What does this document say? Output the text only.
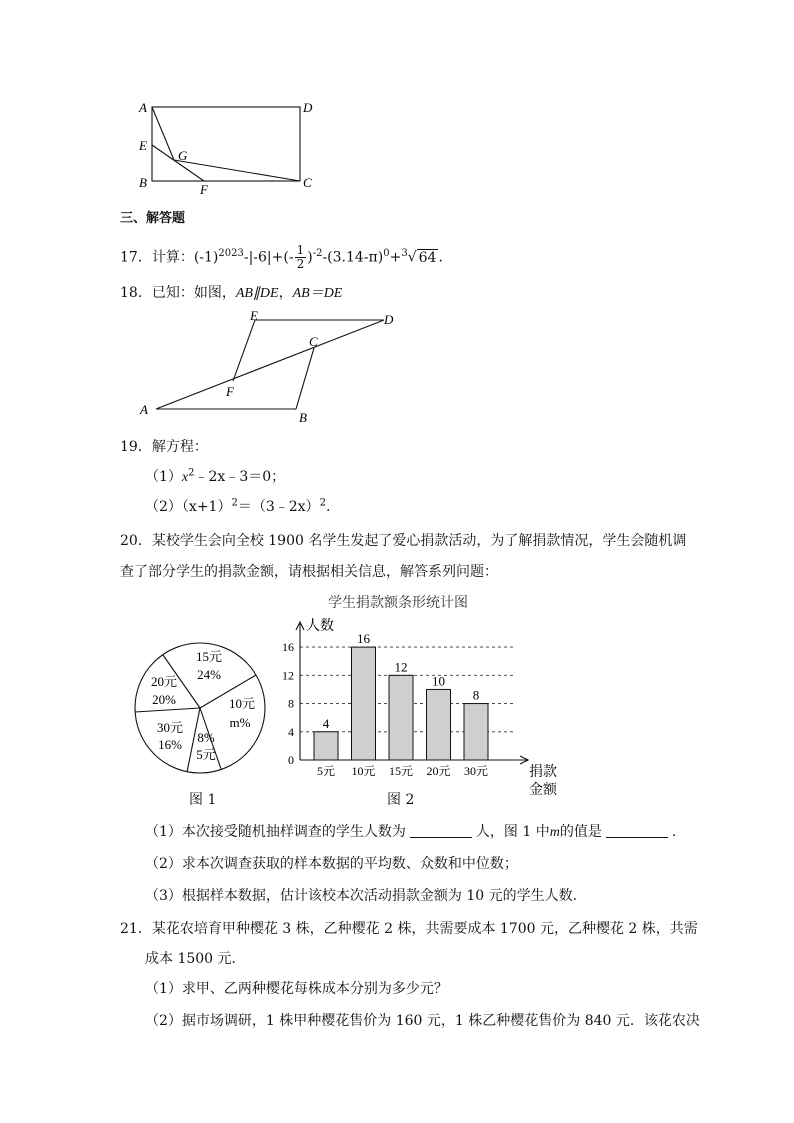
A	D
E
G
B	F	C
三、解答题
17．计算：$(-1)^{2023}-|-6|+(- \frac{1}{2} )^{-2}-(3.14-\pi)^0+^3√$ 64 .
18．已知：如图，AB∥DE，AB＝DE
E	D
C
F
A
B
19．解方程：
$(1)x^2﹣2x﹣3=0$；
$(2)(x+1)^2=(3﹣2x)^2$.
20．某校学生会向全校 1900 名学生发起了爱心捐款活动，为了解捐款情况，学生会随机调
查了部分学生的捐款金额，请根据相关信息，解答系列问题：
15元
24%
10元
m%
8%
5元
30元
16%
20元
20%
图 1
学生捐款额条形统计图
0
4
8
12
16
人数
捐款
金额
4
5元
16
10元
12
15元
10
20元
8
30元
图 2
（1）本次接受随机抽样调查的学生人数为	人，图 1 中m的值是	.
（2）求本次调查获取的样本数据的平均数、众数和中位数；
（3）根据样本数据，估计该校本次活动捐款金额为 10 元的学生人数.
21．某花农培育甲种樱花 3 株，乙种樱花 2 株，共需要成本 1700 元，乙种樱花 2 株，共需
成本 1500 元．
（1）求甲、乙两种樱花每株成本分别为多少元？
（2）据市场调研，1 株甲种樱花售价为 160 元，1 株乙种樱花售价为 840 元．该花农决
